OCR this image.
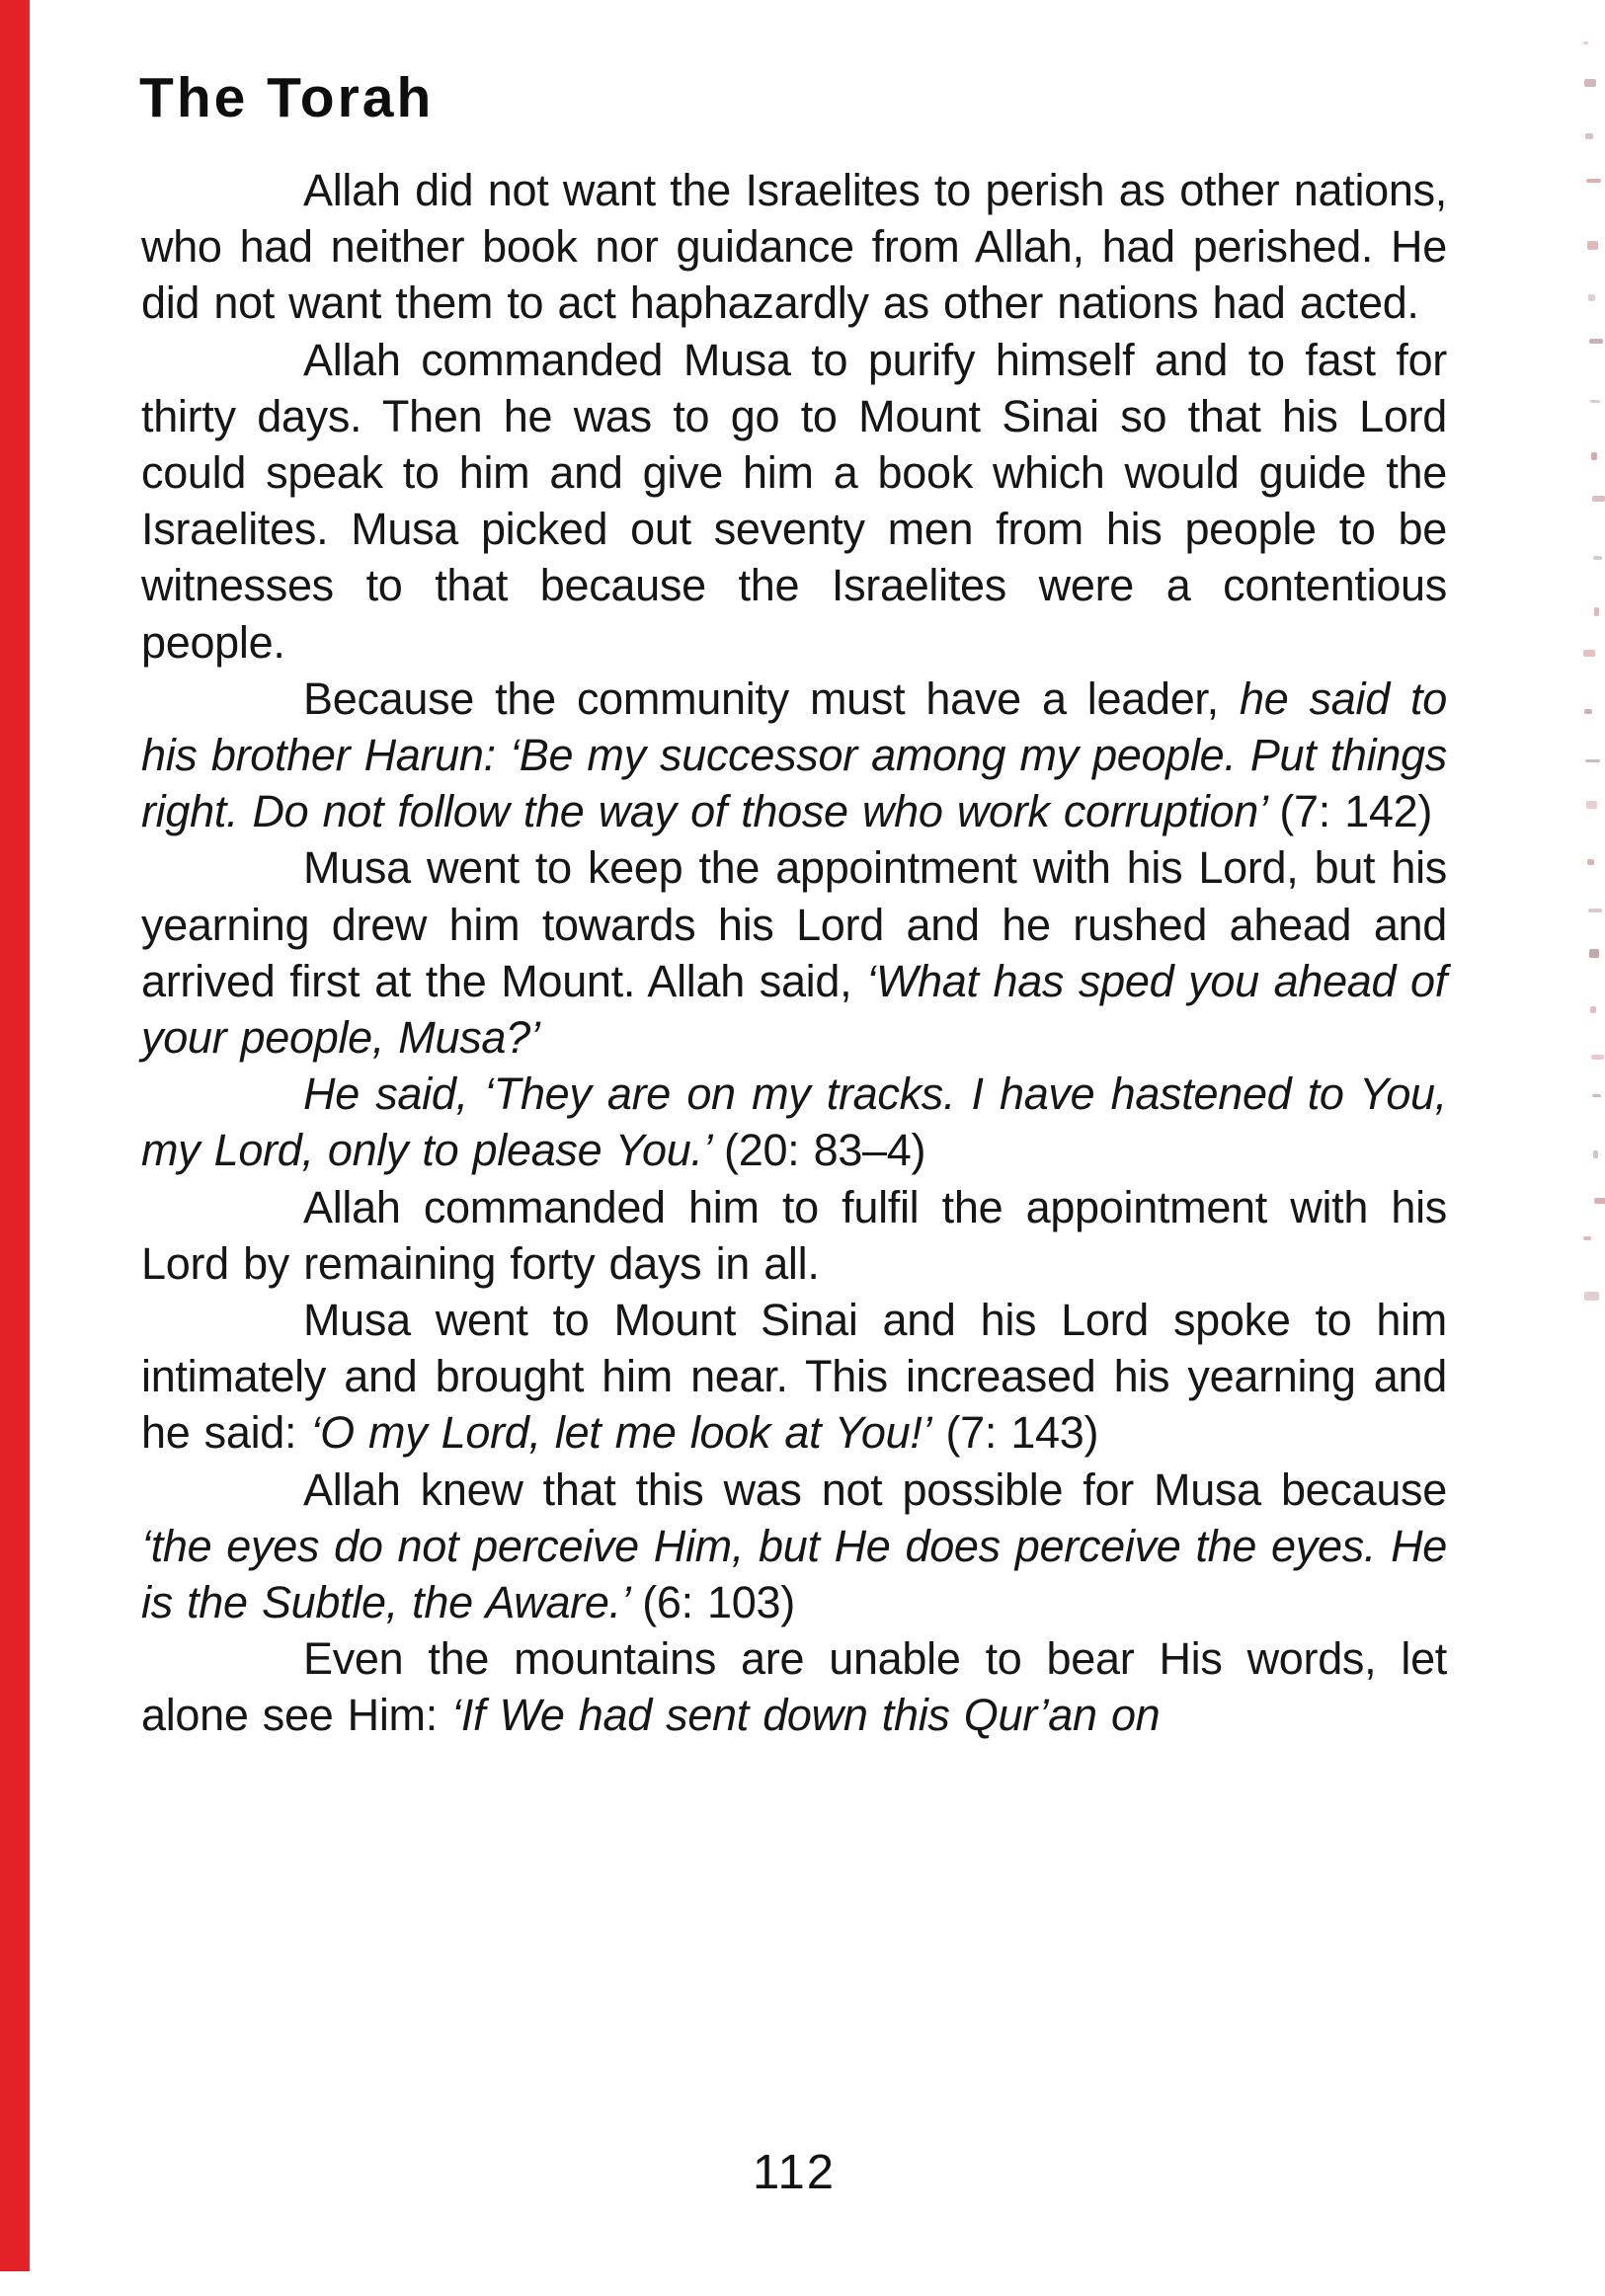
The Torah

Allah did not want the Israelites to perish as other nations, who had neither book nor guidance from Allah, had perished. He did not want them to act haphazardly as other nations had acted.

Allah commanded Musa to purify himself and to fast for thirty days. Then he was to go to Mount Sinai so that his Lord could speak to him and give him a book which would guide the Israelites. Musa picked out seventy men from his people to be witnesses to that because the Israelites were a contentious people.

Because the community must have a leader, he said to his brother Harun: ‘Be my successor among my people. Put things right. Do not follow the way of those who work corruption’ (7: 142)

Musa went to keep the appointment with his Lord, but his yearning drew him towards his Lord and he rushed ahead and arrived first at the Mount. Allah said, ‘What has sped you ahead of your people, Musa?’

He said, ‘They are on my tracks. I have hastened to You, my Lord, only to please You.’ (20: 83–4)

Allah commanded him to fulfil the appointment with his Lord by remaining forty days in all.

Musa went to Mount Sinai and his Lord spoke to him intimately and brought him near. This increased his yearning and he said: ‘O my Lord, let me look at You!’ (7: 143)

Allah knew that this was not possible for Musa because ‘the eyes do not perceive Him, but He does perceive the eyes. He is the Subtle, the Aware.’ (6: 103)

Even the mountains are unable to bear His words, let alone see Him: ‘If We had sent down this Qur’an on

112
